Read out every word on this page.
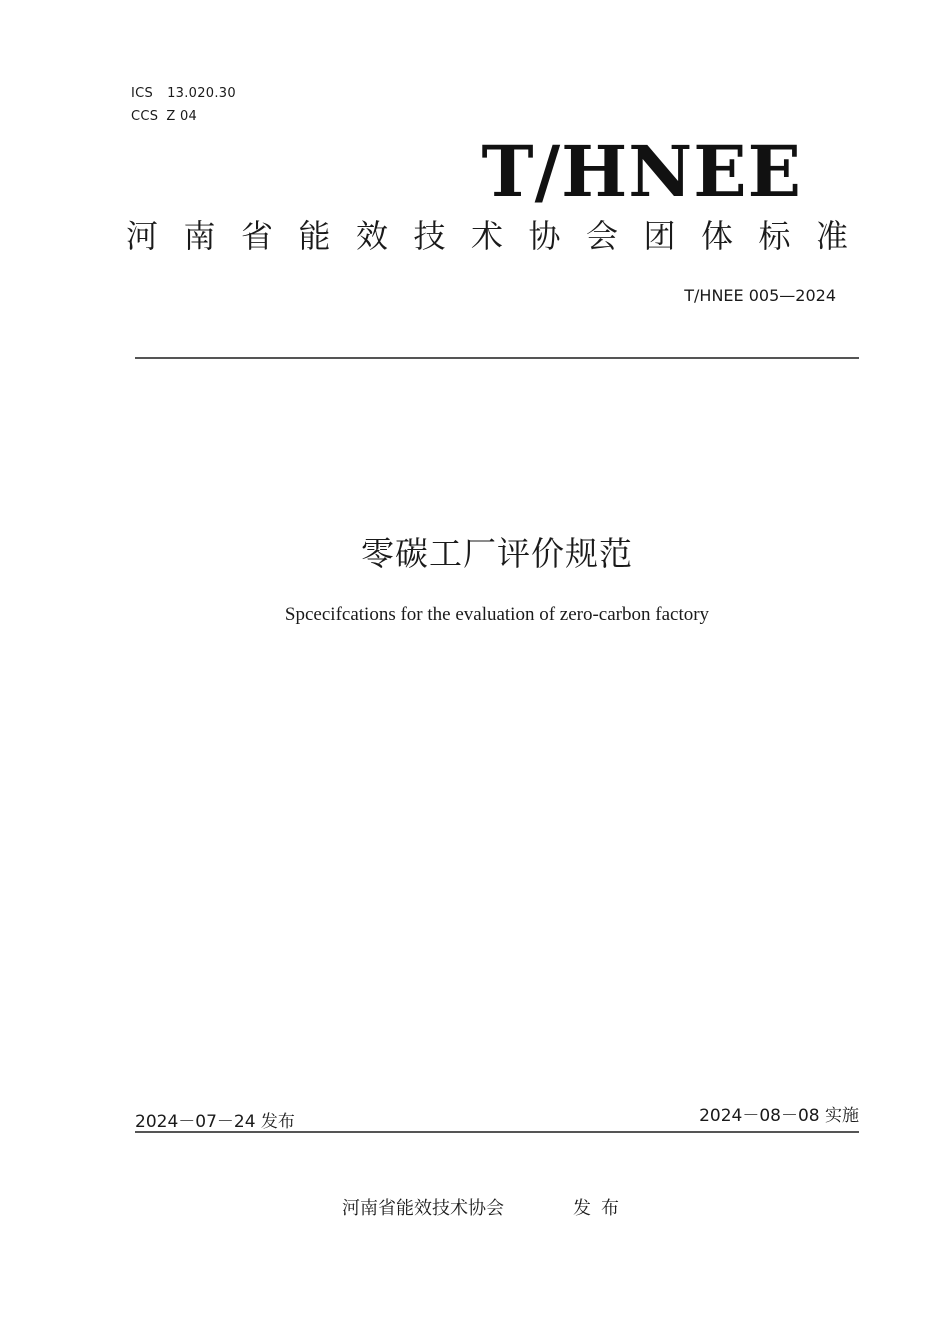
ICS 13.020.30
CCS Z 04
T/HNEE
河南省能效技术协会团体标准
T/HNEE 005—2024
零碳工厂评价规范
Spcecifcations for the evaluation of zero-carbon factory
2024－07－24 发布	2024－08－08 实施
河南省能效技术协会	发布
